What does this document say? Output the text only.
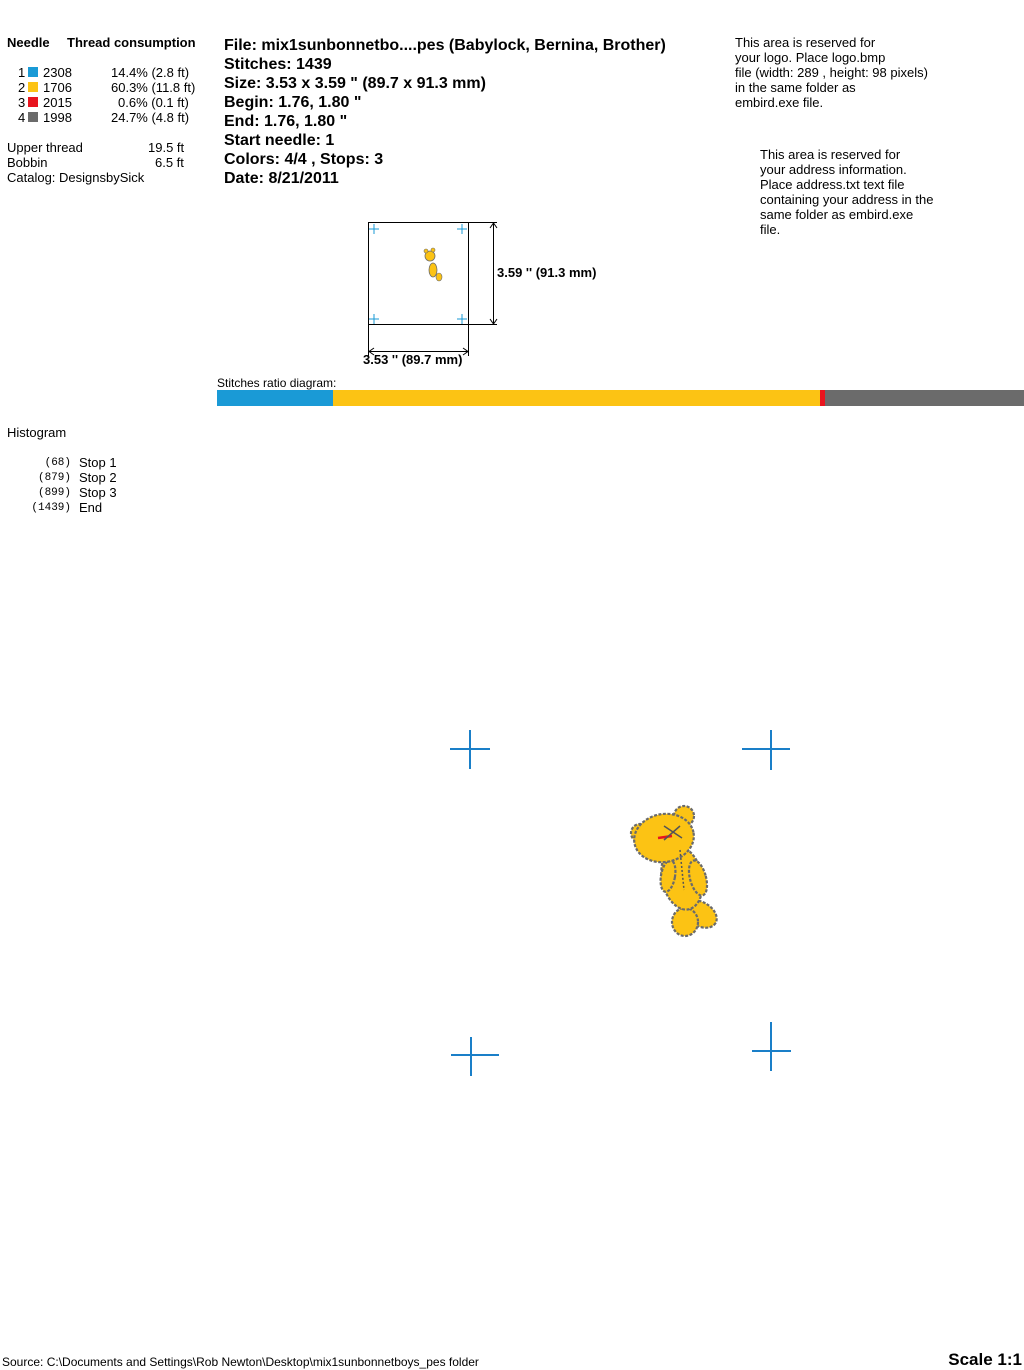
Needle Thread consumption
1 2308	14.4% (2.8 ft)
2 1706	60.3% (11.8 ft)
3 2015	0.6% (0.1 ft)
4 1998	24.7% (4.8 ft)
Upper thread	19.5 ft
Bobbin	6.5 ft
Catalog: DesignsbySick
File: mix1sunbonnetbo....pes (Babylock, Bernina, Brother)
Stitches: 1439
Size: 3.53 x 3.59 " (89.7 x 91.3 mm)
Begin: 1.76, 1.80 "
End: 1.76, 1.80 "
Start needle: 1
Colors: 4/4 , Stops: 3
Date: 8/21/2011
This area is reserved for
your logo. Place logo.bmp
file (width: 289 , height: 98 pixels)
in the same folder as
embird.exe file.
This area is reserved for
your address information.
Place address.txt text file
containing your address in the
same folder as embird.exe
file.
3.59 '' (91.3 mm)
3.53 '' (89.7 mm)
Stitches ratio diagram:
Histogram
(68) Stop 1
(879) Stop 2
(899) Stop 3
(1439) End
Source: C:\Documents and Settings\Rob Newton\Desktop\mix1sunbonnetboys_pes folder	Scale 1:1
